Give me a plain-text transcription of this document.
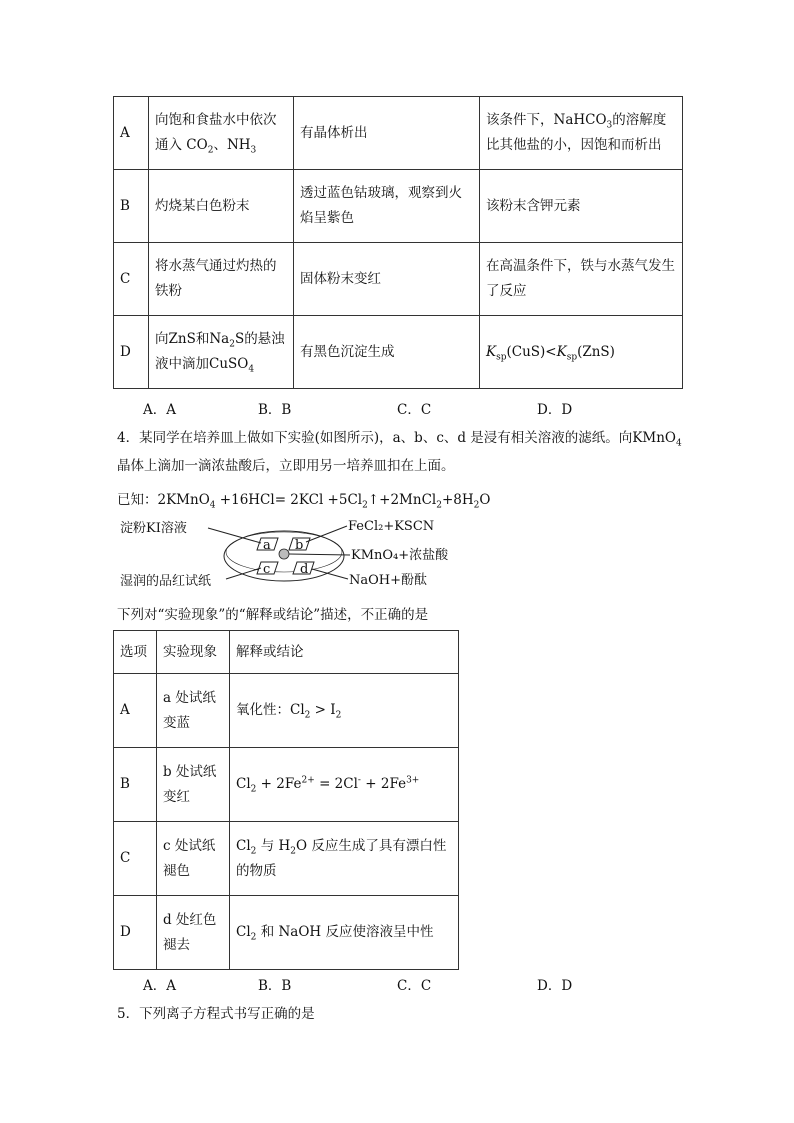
A	向饱和食盐水中依次通入 $CO_2$、$NH_3$	有晶体析出	该条件下，NaHCO$_3$的溶解度比其他盐的小，因饱和而析出
B	灼烧某白色粉末	透过蓝色钴玻璃，观察到火焰呈紫色	该粉末含钾元素
C	将水蒸气通过灼热的铁粉	固体粉末变红	在高温条件下，铁与水蒸气发生了反应
D	向ZnS和$Na_2S$的悬浊液中滴加CuSO$_4$	有黑色沉淀生成	$K_{sp}(CuS)<K_{sp}(ZnS)$
A．A	B．B	C．C	D．D

4．某同学在培养皿上做如下实验(如图所示)，a、b、c、d 是浸有相关溶液的滤纸。向KMnO$_4$
晶体上滴加一滴浓盐酸后，立即用另一培养皿扣在上面。

已知：2KMnO$_4$ $+16HCl= 2KCl +5Cl_2↑+2MnCl_2+8H_2O$

a b
c d
淀粉KI溶液
湿润的品红试纸
FeCl₂+KSCN
KMnO₄+浓盐酸
NaOH+酚酞

下列对“实验现象”的“解释或结论”描述，不正确的是

选项	实验现象	解释或结论
A	a 处试纸变蓝	氧化性：$Cl_2 > I_2$
B	b 处试纸变红	$Cl_2 + 2Fe^{2+} = 2Cl^- + 2Fe^{3+}$
C	c 处试纸褪色	$Cl_2$ 与 $H_2O$ 反应生成了具有漂白性的物质
D	d 处红色褪去	$Cl_2$ 和 NaOH 反应使溶液呈中性
A．A	B．B	C．C	D．D

5．下列离子方程式书写正确的是
